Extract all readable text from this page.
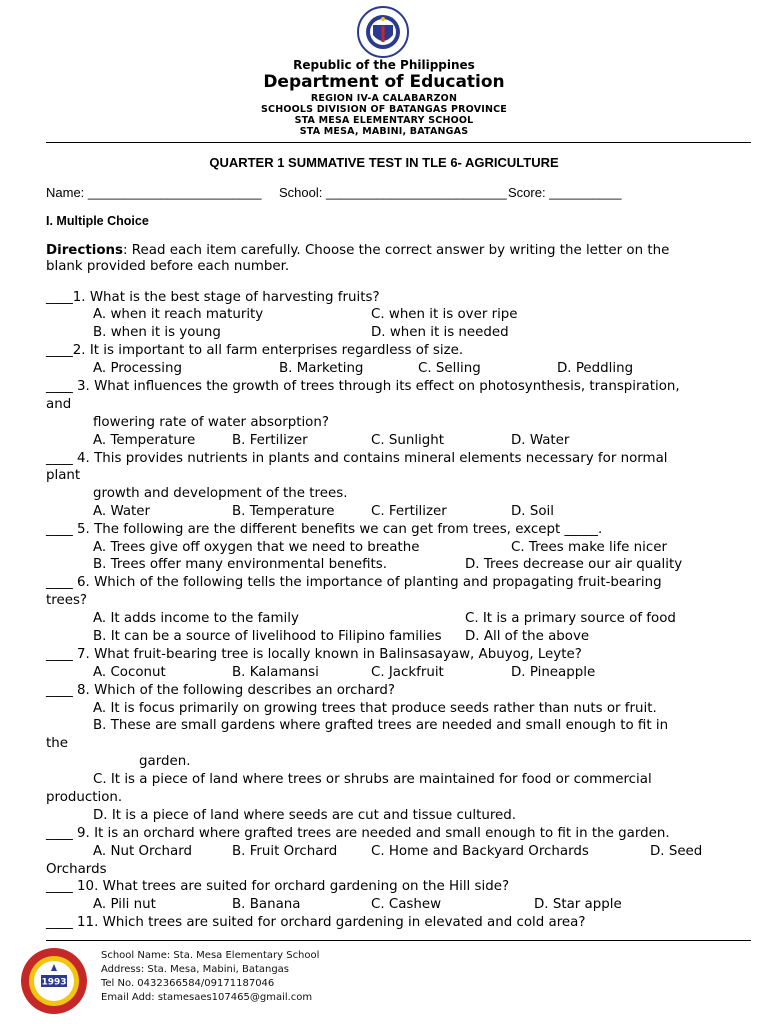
Republic of the Philippines
Department of Education
REGION IV-A CALABARZON
SCHOOLS DIVISION OF BATANGAS PROVINCE
STA MESA ELEMENTARY SCHOOL
STA MESA, MABINI, BATANGAS
QUARTER 1 SUMMATIVE TEST IN TLE 6- AGRICULTURE
Name: ________________________ School: _________________________ Score: __________
I. Multiple Choice
Directions: Read each item carefully. Choose the correct answer by writing the letter on the
blank provided before each number.
____1. What is the best stage of harvesting fruits?
A. when it reach maturity	C. when it is over ripe
B. when it is young	D. when it is needed
____2. It is important to all farm enterprises regardless of size.
A. Processing	B. Marketing	C. Selling	D. Peddling
____ 3. What influences the growth of trees through its effect on photosynthesis, transpiration,
and
flowering rate of water absorption?
A. Temperature	B. Fertilizer	C. Sunlight	D. Water
____ 4. This provides nutrients in plants and contains mineral elements necessary for normal
plant
growth and development of the trees.
A. Water	B. Temperature	C. Fertilizer	D. Soil
____ 5. The following are the different benefits we can get from trees, except _____.
A. Trees give off oxygen that we need to breathe	C. Trees make life nicer
B. Trees offer many environmental benefits.	D. Trees decrease our air quality
____ 6. Which of the following tells the importance of planting and propagating fruit-bearing
trees?
A. It adds income to the family	C. It is a primary source of food
B. It can be a source of livelihood to Filipino families D. All of the above
____ 7. What fruit-bearing tree is locally known in Balinsasayaw, Abuyog, Leyte?
A. Coconut	B. Kalamansi	C. Jackfruit	D. Pineapple
____ 8. Which of the following describes an orchard?
A. It is focus primarily on growing trees that produce seeds rather than nuts or fruit.
B. These are small gardens where grafted trees are needed and small enough to fit in
the
garden.
C. It is a piece of land where trees or shrubs are maintained for food or commercial
production.
D. It is a piece of land where seeds are cut and tissue cultured.
____ 9. It is an orchard where grafted trees are needed and small enough to fit in the garden.
A. Nut Orchard	B. Fruit Orchard	C. Home and Backyard Orchards	D. Seed
Orchards
____ 10. What trees are suited for orchard gardening on the Hill side?
A. Pili nut	B. Banana	C. Cashew	D. Star apple
____ 11. Which trees are suited for orchard gardening in elevated and cold area?
1993
School Name: Sta. Mesa Elementary School
Address: Sta. Mesa, Mabini, Batangas
Tel No. 0432366584/09171187046
Email Add: stamesaes107465@gmail.com
